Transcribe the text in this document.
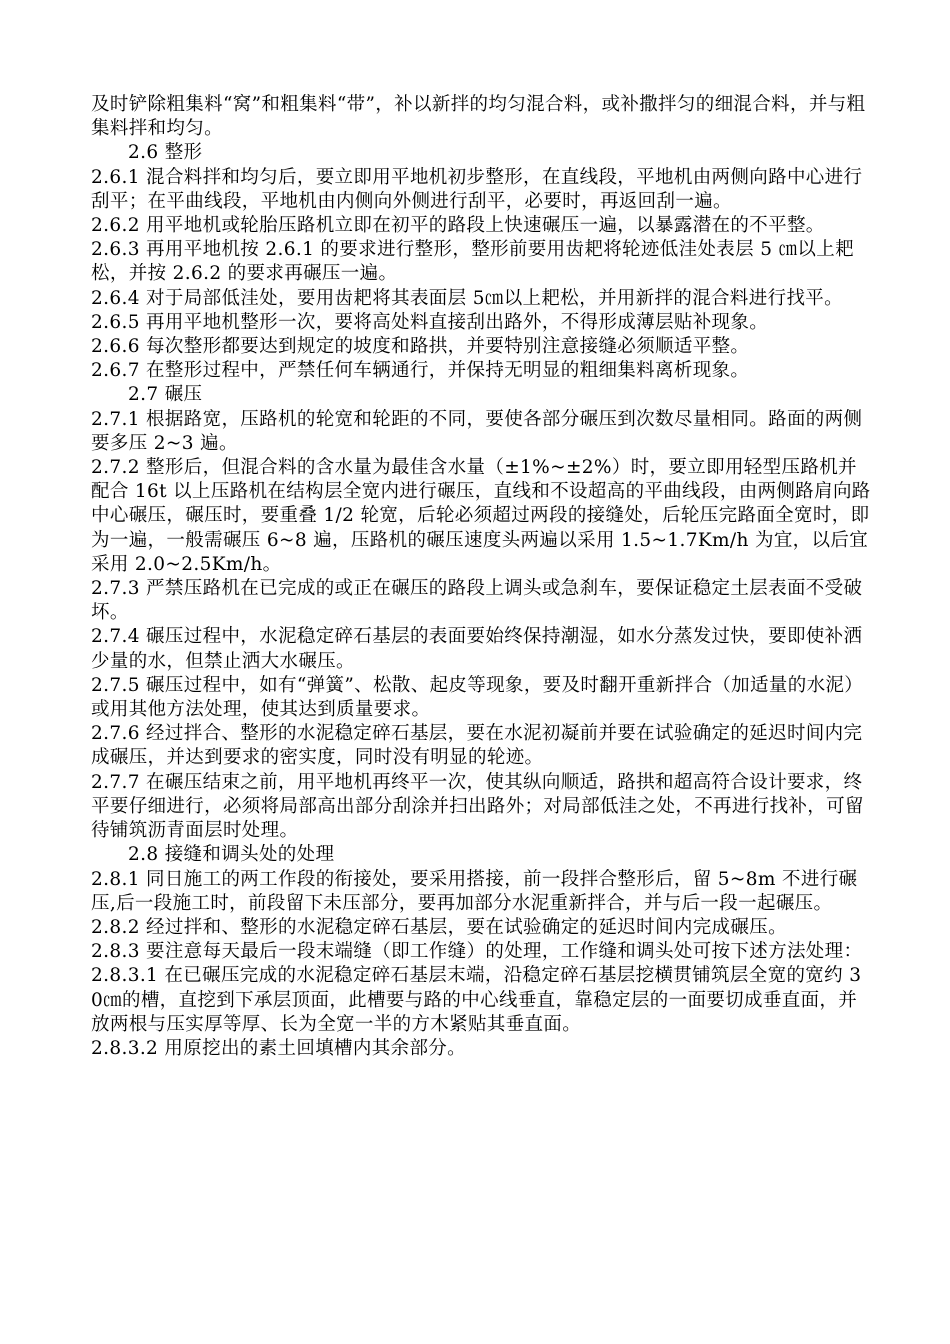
及时铲除粗集料“窝”和粗集料“带”，补以新拌的均匀混合料，或补撒拌匀的细混合料，并与粗集料拌和均匀。

2.6 整形

2.6.1 混合料拌和均匀后，要立即用平地机初步整形，在直线段，平地机由两侧向路中心进行刮平；在平曲线段，平地机由内侧向外侧进行刮平，必要时，再返回刮一遍。

2.6.2 用平地机或轮胎压路机立即在初平的路段上快速碾压一遍，以暴露潜在的不平整。

2.6.3 再用平地机按 2.6.1 的要求进行整形，整形前要用齿耙将轮迹低洼处表层 5 ㎝以上耙松，并按 2.6.2 的要求再碾压一遍。

2.6.4 对于局部低洼处，要用齿耙将其表面层 5㎝以上耙松，并用新拌的混合料进行找平。

2.6.5 再用平地机整形一次，要将高处料直接刮出路外，不得形成薄层贴补现象。

2.6.6 每次整形都要达到规定的坡度和路拱，并要特别注意接缝必须顺适平整。

2.6.7 在整形过程中，严禁任何车辆通行，并保持无明显的粗细集料离析现象。

2.7 碾压

2.7.1 根据路宽，压路机的轮宽和轮距的不同，要使各部分碾压到次数尽量相同。路面的两侧要多压 2~3 遍。

2.7.2 整形后，但混合料的含水量为最佳含水量（±1%~±2%）时，要立即用轻型压路机并配合 16t 以上压路机在结构层全宽内进行碾压，直线和不设超高的平曲线段，由两侧路肩向路中心碾压，碾压时，要重叠 1/2 轮宽，后轮必须超过两段的接缝处，后轮压完路面全宽时，即为一遍，一般需碾压 6~8 遍，压路机的碾压速度头两遍以采用 1.5~1.7Km/h 为宜，以后宜采用 2.0~2.5Km/h。

2.7.3 严禁压路机在已完成的或正在碾压的路段上调头或急刹车，要保证稳定土层表面不受破坏。

2.7.4 碾压过程中，水泥稳定碎石基层的表面要始终保持潮湿，如水分蒸发过快，要即使补洒少量的水，但禁止洒大水碾压。

2.7.5 碾压过程中，如有“弹簧”、松散、起皮等现象，要及时翻开重新拌合（加适量的水泥）或用其他方法处理，使其达到质量要求。

2.7.6 经过拌合、整形的水泥稳定碎石基层，要在水泥初凝前并要在试验确定的延迟时间内完成碾压，并达到要求的密实度，同时没有明显的轮迹。

2.7.7 在碾压结束之前，用平地机再终平一次，使其纵向顺适，路拱和超高符合设计要求，终平要仔细进行，必须将局部高出部分刮涂并扫出路外；对局部低洼之处，不再进行找补，可留待铺筑沥青面层时处理。

2.8 接缝和调头处的处理

2.8.1 同日施工的两工作段的衔接处，要采用搭接，前一段拌合整形后，留 5~8m 不进行碾压,后一段施工时，前段留下未压部分，要再加部分水泥重新拌合，并与后一段一起碾压。

2.8.2 经过拌和、整形的水泥稳定碎石基层，要在试验确定的延迟时间内完成碾压。

2.8.3 要注意每天最后一段末端缝（即工作缝）的处理，工作缝和调头处可按下述方法处理：

2.8.3.1 在已碾压完成的水泥稳定碎石基层末端，沿稳定碎石基层挖横贯铺筑层全宽的宽约 30㎝的槽，直挖到下承层顶面，此槽要与路的中心线垂直，靠稳定层的一面要切成垂直面，并放两根与压实厚等厚、长为全宽一半的方木紧贴其垂直面。

2.8.3.2 用原挖出的素土回填槽内其余部分。
